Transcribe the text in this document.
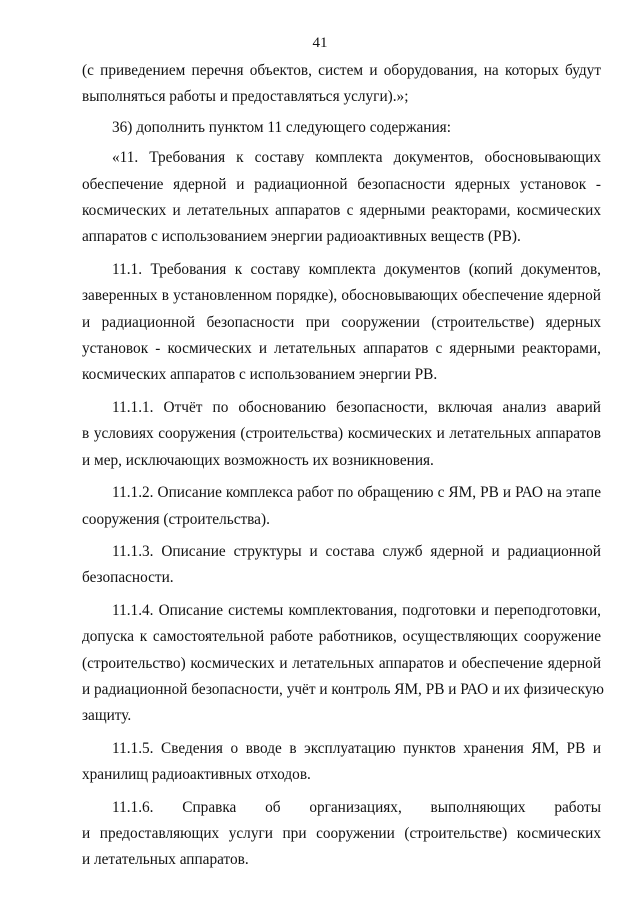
41
(с приведением перечня объектов, систем и оборудования, на которых будут
выполняться работы и предоставляться услуги).»;
36) дополнить пунктом 11 следующего содержания:
«11. Требования к составу комплекта документов, обосновывающих
обеспечение ядерной и радиационной безопасности ядерных установок -
космических и летательных аппаратов с ядерными реакторами, космических
аппаратов с использованием энергии радиоактивных веществ (РВ).
11.1. Требования к составу комплекта документов (копий документов,
заверенных в установленном порядке), обосновывающих обеспечение ядерной
и радиационной безопасности при сооружении (строительстве) ядерных
установок - космических и летательных аппаратов с ядерными реакторами,
космических аппаратов с использованием энергии РВ.
11.1.1. Отчёт по обоснованию безопасности, включая анализ аварий
в условиях сооружения (строительства) космических и летательных аппаратов
и мер, исключающих возможность их возникновения.
11.1.2. Описание комплекса работ по обращению с ЯМ, РВ и РАО на этапе
сооружения (строительства).
11.1.3. Описание структуры и состава служб ядерной и радиационной
безопасности.
11.1.4. Описание системы комплектования, подготовки и переподготовки,
допуска к самостоятельной работе работников, осуществляющих сооружение
(строительство) космических и летательных аппаратов и обеспечение ядерной
и радиационной безопасности, учёт и контроль ЯМ, РВ и РАО и их физическую
защиту.
11.1.5. Сведения о вводе в эксплуатацию пунктов хранения ЯМ, РВ и
хранилищ радиоактивных отходов.
11.1.6. Справка об организациях, выполняющих работы
и предоставляющих услуги при сооружении (строительстве) космических
и летательных аппаратов.
